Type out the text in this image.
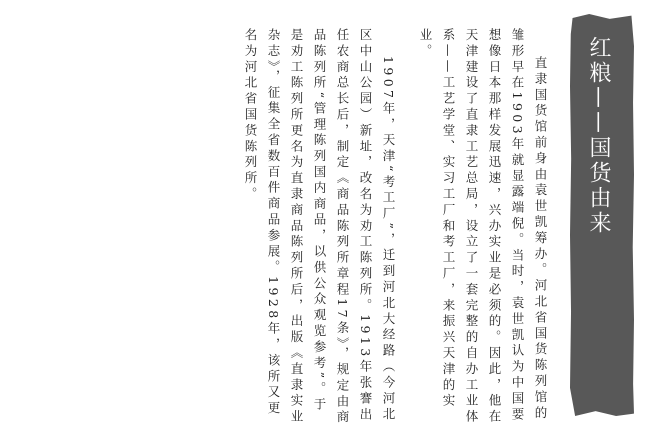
红粮——国货由来

直隶国货馆前身由袁世凯筹办。河北省国货陈列馆的雏形早在1903年就显露端倪。当时，袁世凯认为中国要想像日本那样发展迅速，兴办实业是必须的。因此，他在天津建设了直隶工艺总局，设立了一套完整的自办工业体系——工艺学堂、实习工厂和考工厂，来振兴天津的实业。

1907年，天津“考工厂”，迁到河北大经路（今河北区中山公园）新址，改名为劝工陈列所。1913年张謇出任农商总长后，制定《商品陈列所章程17条》，规定由商品陈列所“管理陈列国内商品，以供公众观览参考”。于是劝工陈列所更名为直隶商品陈列所后，出版《直隶实业杂志》，征集全省数百件商品参展。1928年，该所又更名为河北省国货陈列所。
